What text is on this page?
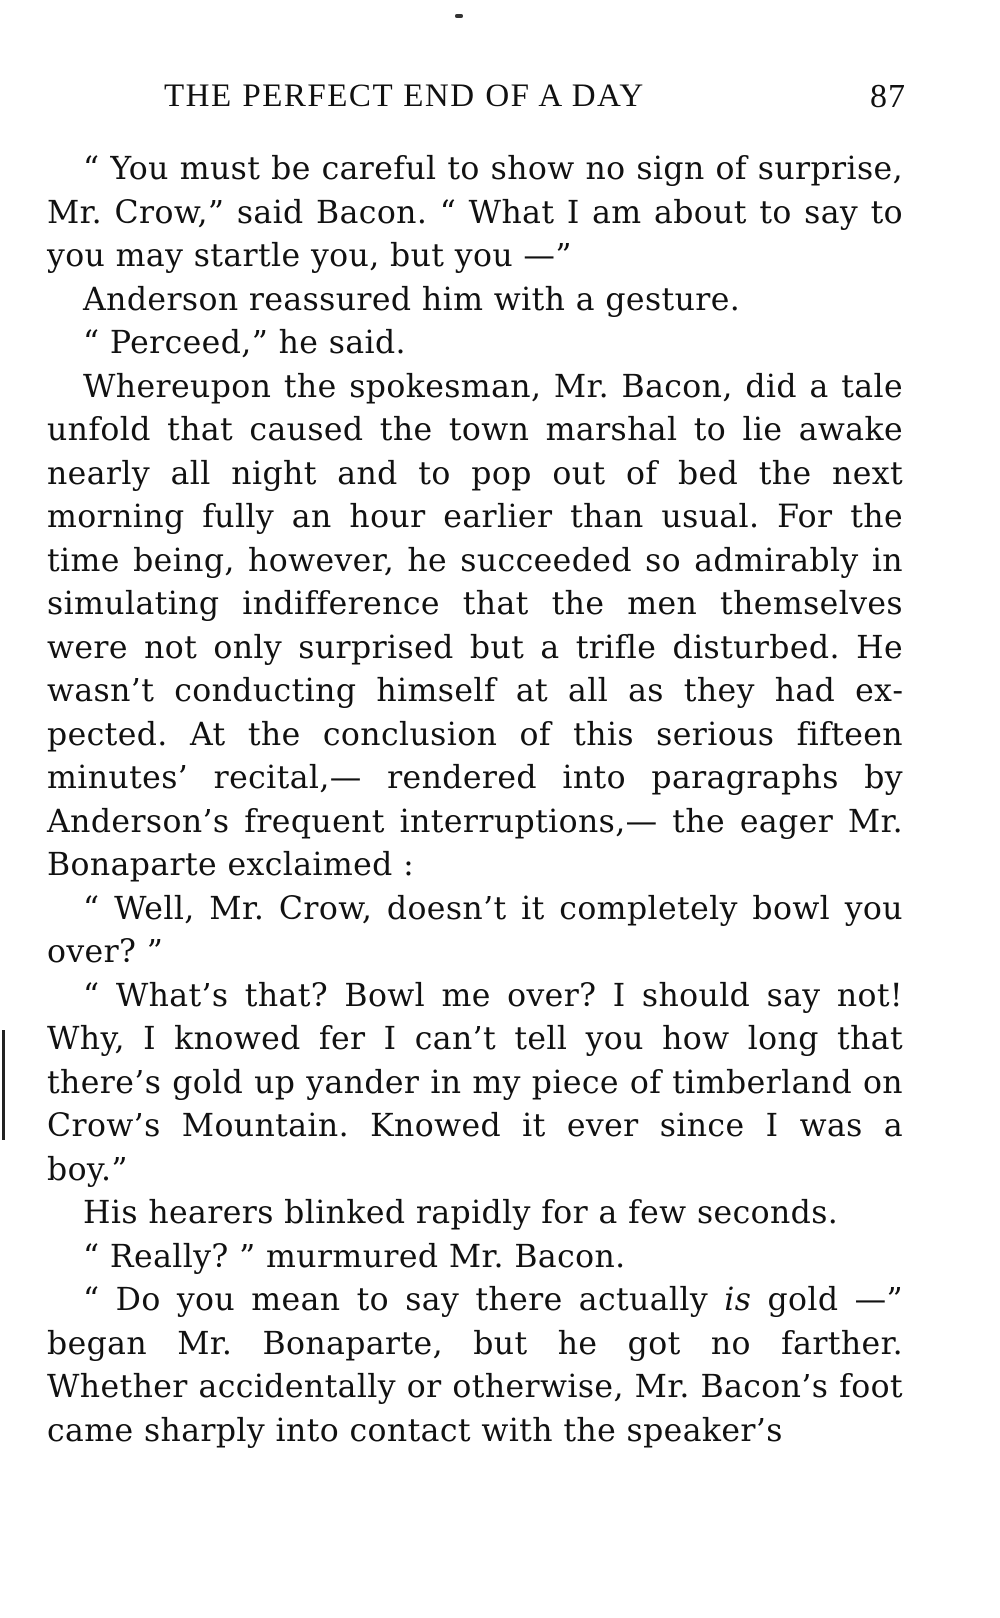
THE PERFECT END OF A DAY	87

“ You must be careful to show no sign of surprise, Mr. Crow,” said Bacon. “ What I am about to say to you may startle you, but you —”

Anderson reassured him with a gesture.

“ Perceed,” he said.

Whereupon the spokesman, Mr. Bacon, did a tale unfold that caused the town marshal to lie awake nearly all night and to pop out of bed the next morning fully an hour earlier than usual. For the time being, however, he succeeded so admirably in simulating indifference that the men themselves were not only surprised but a trifle disturbed. He wasn’t conducting himself at all as they had expected. At the conclusion of this serious fifteen minutes’ recital,— rendered into paragraphs by Anderson’s frequent interruptions,— the eager Mr. Bonaparte exclaimed :

“ Well, Mr. Crow, doesn’t it completely bowl you over? ”

“ What’s that? Bowl me over? I should say not! Why, I knowed fer I can’t tell you how long that there’s gold up yander in my piece of timberland on Crow’s Mountain. Knowed it ever since I was a boy.”

His hearers blinked rapidly for a few seconds.

“ Really? ” murmured Mr. Bacon.

“ Do you mean to say there actually is gold —” began Mr. Bonaparte, but he got no farther. Whether accidentally or otherwise, Mr. Bacon’s foot came sharply into contact with the speaker’s
